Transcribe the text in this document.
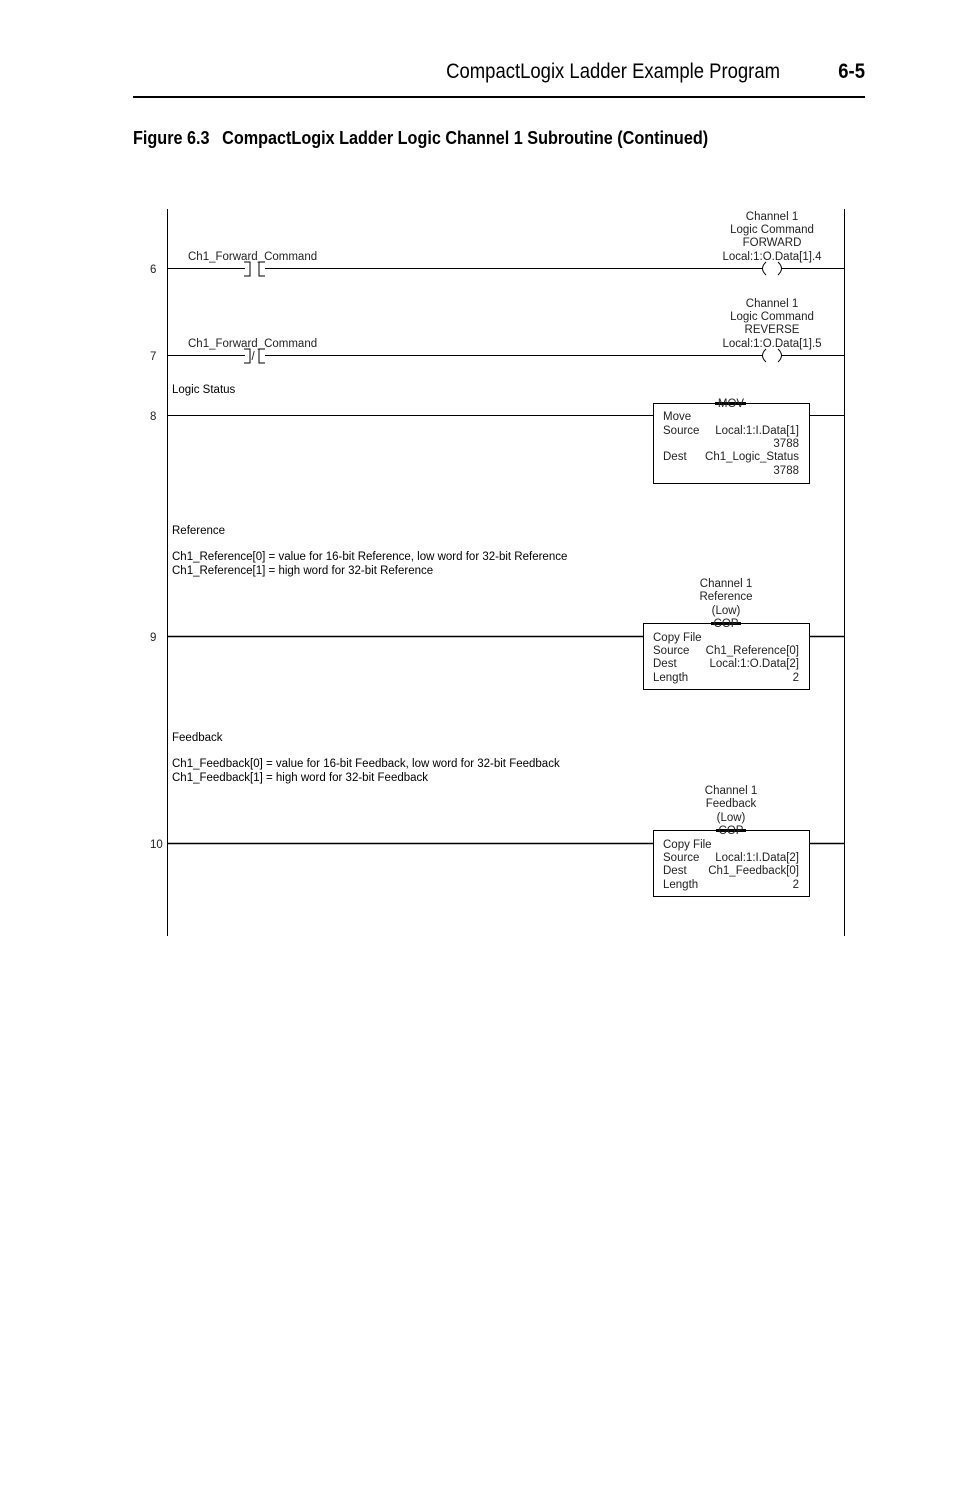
CompactLogix Ladder Example Program	6-5
Figure 6.3 CompactLogix Ladder Logic Channel 1 Subroutine (Continued)
6
Ch1_Forward_Command
Channel 1
Logic Command
FORWARD
Local:1:O.Data[1].4
7
Ch1_Forward_Command
/
Channel 1
Logic Command
REVERSE
Local:1:O.Data[1].5
Logic Status
8
MOV
Move
Source Local:1:I.Data[1]
3788
Dest Ch1_Logic_Status
3788
Reference
Ch1_Reference[0] = value for 16-bit Reference, low word for 32-bit Reference
Ch1_Reference[1] = high word for 32-bit Reference
Channel 1
Reference
(Low)
9
COP
Copy File
Source Ch1_Reference[0]
Dest	Local:1:O.Data[2]
Length	2
Feedback
Ch1_Feedback[0] = value for 16-bit Feedback, low word for 32-bit Feedback
Ch1_Feedback[1] = high word for 32-bit Feedback
Channel 1
Feedback
(Low)
10
COP
Copy File
Source Local:1:I.Data[2]
Dest Ch1_Feedback[0]
Length	2
